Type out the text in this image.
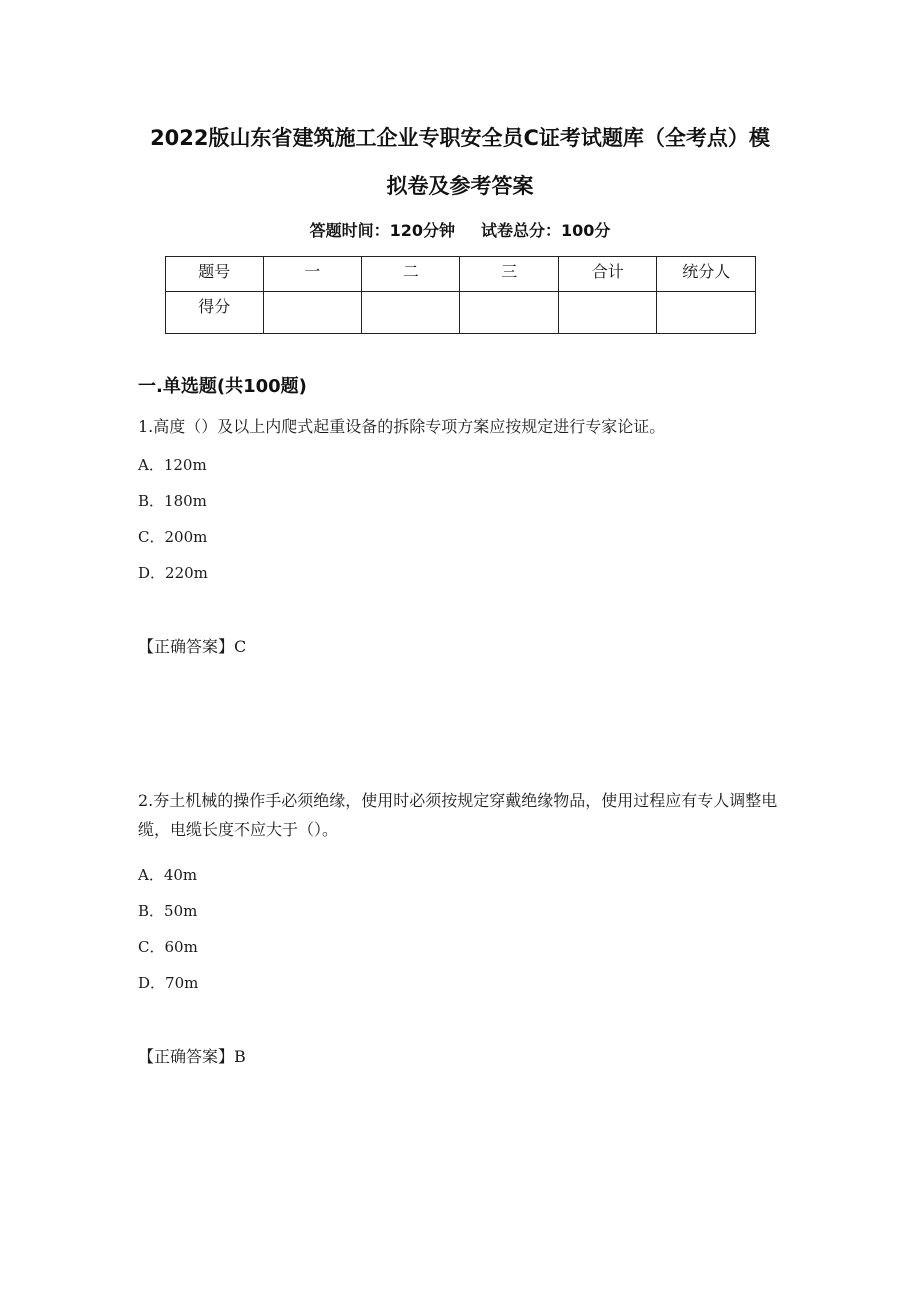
2022版山东省建筑施工企业专职安全员C证考试题库（全考点）模
拟卷及参考答案
答题时间：120分钟 试卷总分：100分
题号	一	二	三	合计	统分人
得分					
一.单选题(共100题)
1.高度（）及以上内爬式起重设备的拆除专项方案应按规定进行专家论证。
A．120m
B．180m
C．200m
D．220m
【正确答案】C
2.夯土机械的操作手必须绝缘，使用时必须按规定穿戴绝缘物品，使用过程应有专人调整电缆，电缆长度不应大于（）。
A．40m
B．50m
C．60m
D．70m
【正确答案】B
